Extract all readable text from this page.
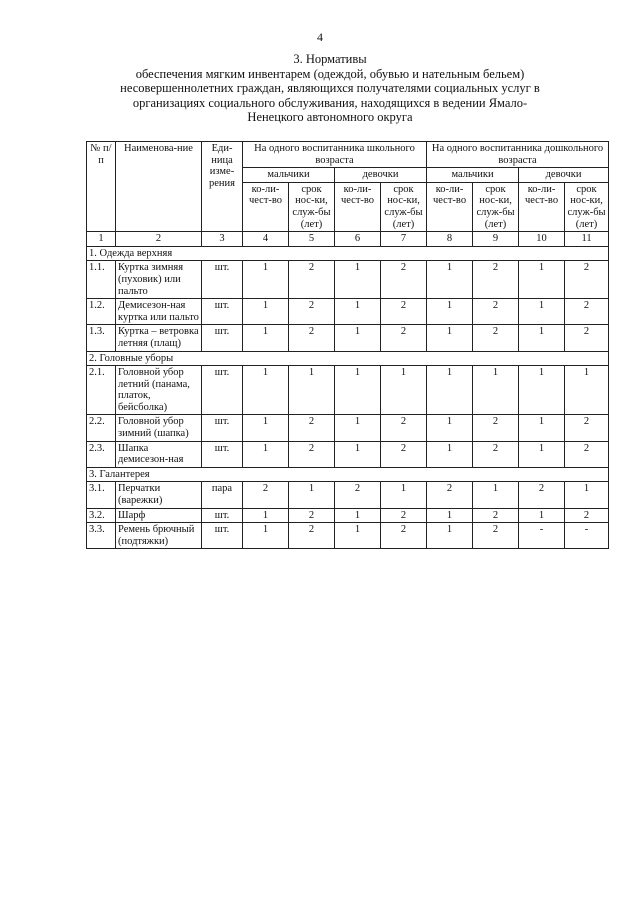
4
3. Нормативы
обеспечения мягким инвентарем (одеждой, обувью и нательным бельем)
несовершеннолетних граждан, являющихся получателями социальных услуг в
организациях социального обслуживания, находящихся в ведении Ямало-
Ненецкого автономного округа
№ п/п	Наименова-ние	Еди-ница изме-рения	На одного воспитанника школьного возраста				На одного воспитанника дошкольного возраста			
			мальчики		девочки		мальчики		девочки	
			ко-ли-чест-во	срок нос-ки, служ-бы (лет)	ко-ли-чест-во	срок нос-ки, служ-бы (лет)	ко-ли-чест-во	срок нос-ки, служ-бы (лет)	ко-ли-чест-во	срок нос-ки, служ-бы (лет)
1	2	3	4	5	6	7	8	9	10	11
1. Одежда верхняя										
1.1.	Куртка зимняя (пуховик) или пальто	шт.	1	2	1	2	1	2	1	2
1.2.	Демисезон-ная куртка или пальто	шт.	1	2	1	2	1	2	1	2
1.3.	Куртка – ветровка летняя (плащ)	шт.	1	2	1	2	1	2	1	2
2. Головные уборы										
2.1.	Головной убор летний (панама, платок, бейсболка)	шт.	1	1	1	1	1	1	1	1
2.2.	Головной убор зимний (шапка)	шт.	1	2	1	2	1	2	1	2
2.3.	Шапка демисезон-ная	шт.	1	2	1	2	1	2	1	2
3. Галантерея										
3.1.	Перчатки (варежки)	пара	2	1	2	1	2	1	2	1
3.2.	Шарф	шт.	1	2	1	2	1	2	1	2
3.3.	Ремень брючный (подтяжки)	шт.	1	2	1	2	1	2	-	-
